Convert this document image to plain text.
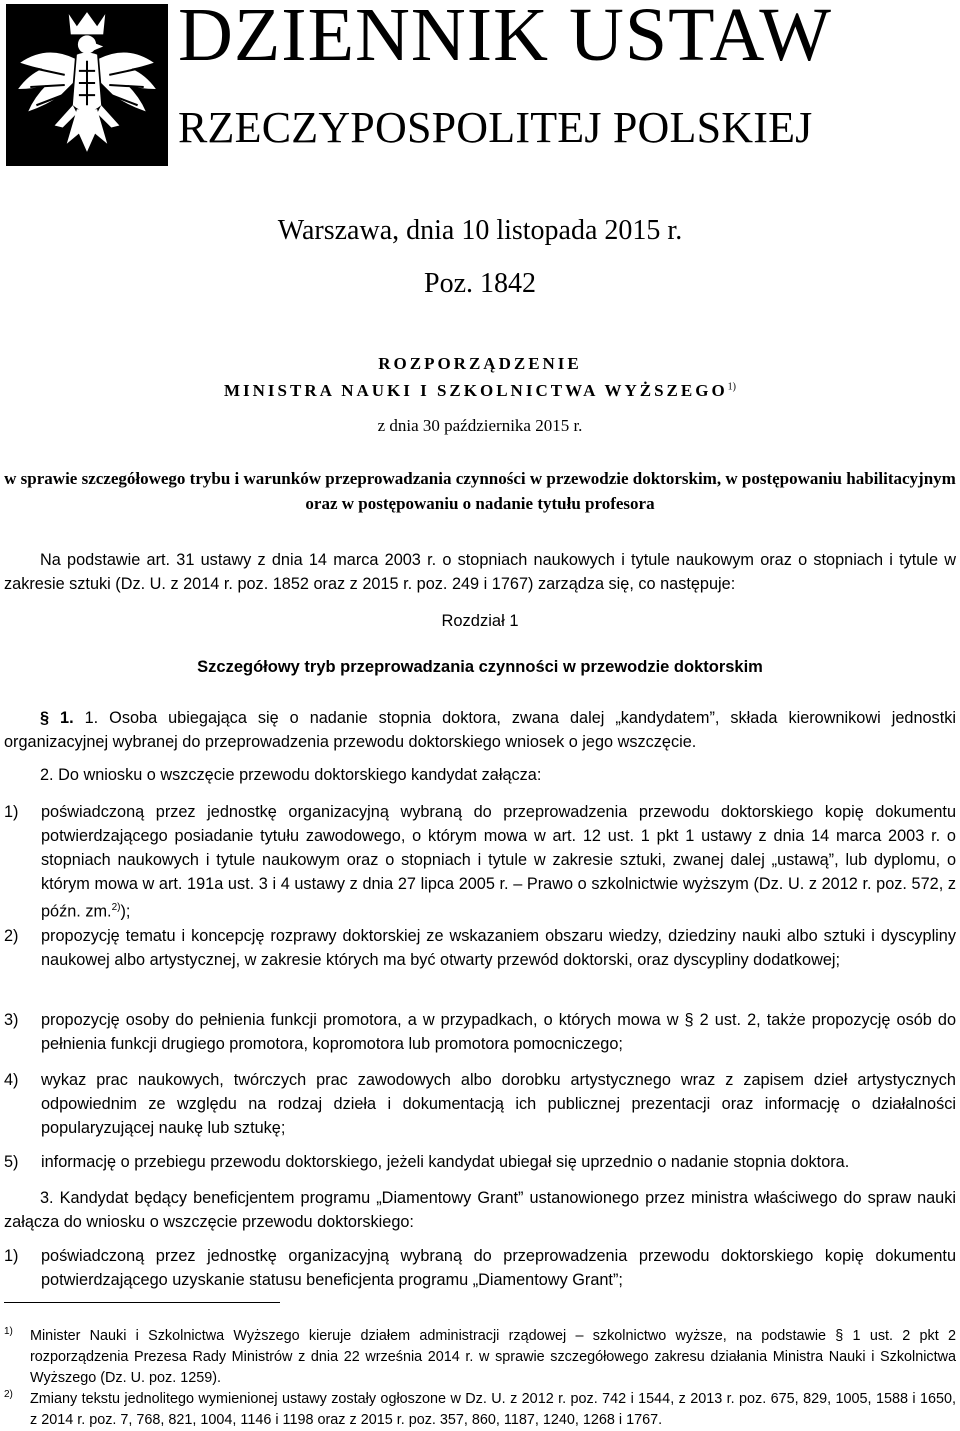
DZIENNIK USTAW
RZECZYPOSPOLITEJ POLSKIEJ
Warszawa, dnia 10 listopada 2015 r.
Poz. 1842
ROZPORZĄDZENIE
MINISTRA NAUKI I SZKOLNICTWA WYŻSZEGO$^{1)}$
z dnia 30 października 2015 r.
w sprawie szczegółowego trybu i warunków przeprowadzania czynności w przewodzie doktorskim, w postępowaniu habilitacyjnym oraz w postępowaniu o nadanie tytułu profesora
Na podstawie art. 31 ustawy z dnia 14 marca 2003 r. o stopniach naukowych i tytule naukowym oraz o stopniach i tytule w zakresie sztuki (Dz. U. z 2014 r. poz. 1852 oraz z 2015 r. poz. 249 i 1767) zarządza się, co następuje:
Rozdział 1
Szczegółowy tryb przeprowadzania czynności w przewodzie doktorskim
§ 1. 1. Osoba ubiegająca się o nadanie stopnia doktora, zwana dalej „kandydatem”, składa kierownikowi jednostki organizacyjnej wybranej do przeprowadzenia przewodu doktorskiego wniosek o jego wszczęcie.
2. Do wniosku o wszczęcie przewodu doktorskiego kandydat załącza:
1)	poświadczoną przez jednostkę organizacyjną wybraną do przeprowadzenia przewodu doktorskiego kopię dokumentu potwierdzającego posiadanie tytułu zawodowego, o którym mowa w art. 12 ust. 1 pkt 1 ustawy z dnia 14 marca 2003 r. o stopniach naukowych i tytule naukowym oraz o stopniach i tytule w zakresie sztuki, zwanej dalej „ustawą”, lub dyplomu, o którym mowa w art. 191a ust. 3 i 4 ustawy z dnia 27 lipca 2005 r. – Prawo o szkolnictwie wyższym (Dz. U. z 2012 r. poz. 572, z późn. zm.$^{2)}$);
2)	propozycję tematu i koncepcję rozprawy doktorskiej ze wskazaniem obszaru wiedzy, dziedziny nauki albo sztuki i dyscypliny naukowej albo artystycznej, w zakresie których ma być otwarty przewód doktorski, oraz dyscypliny dodatkowej;
3)	propozycję osoby do pełnienia funkcji promotora, a w przypadkach, o których mowa w § 2 ust. 2, także propozycję osób do pełnienia funkcji drugiego promotora, kopromotora lub promotora pomocniczego;
4)	wykaz prac naukowych, twórczych prac zawodowych albo dorobku artystycznego wraz z zapisem dzieł artystycznych odpowiednim ze względu na rodzaj dzieła i dokumentacją ich publicznej prezentacji oraz informację o działalności popularyzującej naukę lub sztukę;
5)	informację o przebiegu przewodu doktorskiego, jeżeli kandydat ubiegał się uprzednio o nadanie stopnia doktora.
3. Kandydat będący beneficjentem programu „Diamentowy Grant” ustanowionego przez ministra właściwego do spraw nauki załącza do wniosku o wszczęcie przewodu doktorskiego:
1)	poświadczoną przez jednostkę organizacyjną wybraną do przeprowadzenia przewodu doktorskiego kopię dokumentu potwierdzającego uzyskanie statusu beneficjenta programu „Diamentowy Grant”;
1) Minister Nauki i Szkolnictwa Wyższego kieruje działem administracji rządowej – szkolnictwo wyższe, na podstawie § 1 ust. 2 pkt 2 rozporządzenia Prezesa Rady Ministrów z dnia 22 września 2014 r. w sprawie szczegółowego zakresu działania Ministra Nauki i Szkolnictwa Wyższego (Dz. U. poz. 1259).
2) Zmiany tekstu jednolitego wymienionej ustawy zostały ogłoszone w Dz. U. z 2012 r. poz. 742 i 1544, z 2013 r. poz. 675, 829, 1005, 1588 i 1650, z 2014 r. poz. 7, 768, 821, 1004, 1146 i 1198 oraz z 2015 r. poz. 357, 860, 1187, 1240, 1268 i 1767.
